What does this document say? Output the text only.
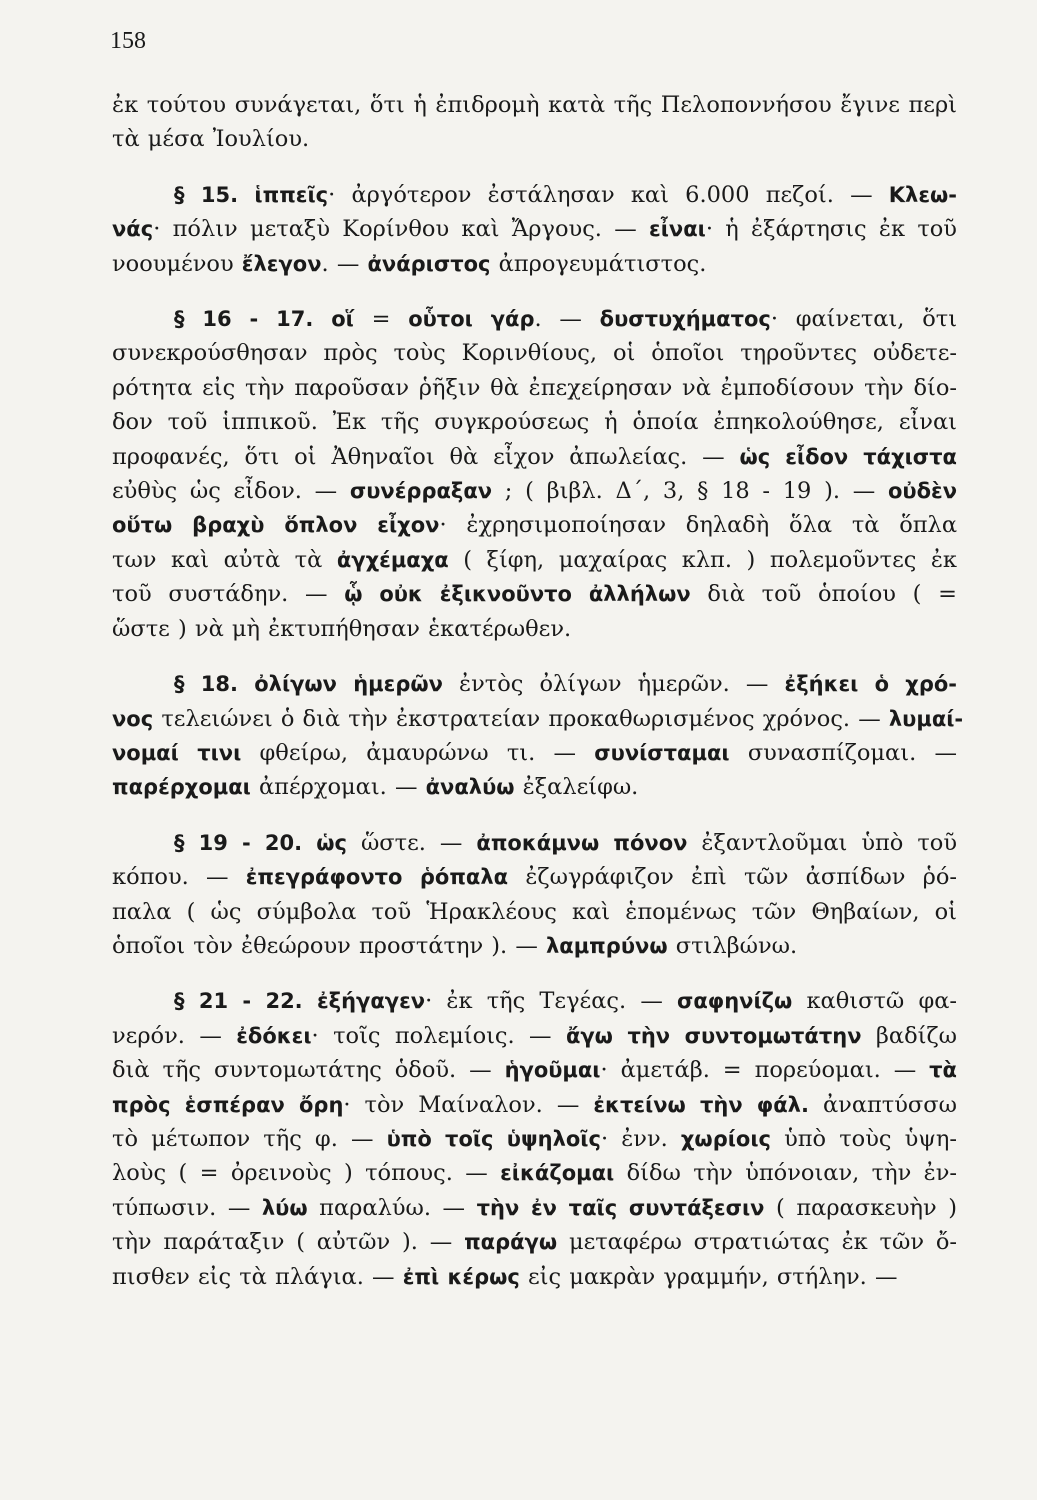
158
ἐκ τούτου συνάγεται, ὅτι ἡ ἐπιδρομὴ κατὰ τῆς Πελοποννήσου ἔγινε περὶ
τὰ μέσα Ἰουλίου.
§ 15. ἱππεῖς· ἀργότερον ἐστάλησαν καὶ 6.000 πεζοί. — Κλεω-
νάς· πόλιν μεταξὺ Κορίνθου καὶ Ἄργους. — εἶναι· ἡ ἐξάρτησις ἐκ τοῦ
νοουμένου ἔλεγον. — ἀνάριστος ἀπρογευμάτιστος.
§ 16 - 17. οἵ = οὗτοι γάρ. — δυστυχήματος· φαίνεται, ὅτι
συνεκρούσθησαν πρὸς τοὺς Κορινθίους, οἱ ὁποῖοι τηροῦντες οὐδετε-
ρότητα εἰς τὴν παροῦσαν ῥῆξιν θὰ ἐπεχείρησαν νὰ ἐμποδίσουν τὴν δίο-
δον τοῦ ἱππικοῦ. Ἐκ τῆς συγκρούσεως ἡ ὁποία ἐπηκολούθησε, εἶναι
προφανές, ὅτι οἱ Ἀθηναῖοι θὰ εἶχον ἀπωλείας. — ὡς εἶδον τάχιστα
εὐθὺς ὡς εἶδον. — συνέρραξαν ; ( βιβλ. Δ΄, 3, § 18 - 19 ). — οὐδὲν
οὕτω βραχὺ ὅπλον εἶχον· ἐχρησιμοποίησαν δηλαδὴ ὅλα τὰ ὅπλα
των καὶ αὐτὰ τὰ ἀγχέμαχα ( ξίφη, μαχαίρας κλπ. ) πολεμοῦντες ἐκ
τοῦ συστάδην. — ᾧ οὐκ ἐξικνοῦντο ἀλλήλων διὰ τοῦ ὁποίου ( =
ὥστε ) νὰ μὴ ἐκτυπήθησαν ἑκατέρωθεν.
§ 18. ὀλίγων ἡμερῶν ἐντὸς ὀλίγων ἡμερῶν. — ἐξήκει ὁ χρό-
νος τελειώνει ὁ διὰ τὴν ἐκστρατείαν προκαθωρισμένος χρόνος. — λυμαί-
νομαί τινι φθείρω, ἀμαυρώνω τι. — συνίσταμαι συνασπίζομαι. —
παρέρχομαι ἀπέρχομαι. — ἀναλύω ἐξαλείφω.
§ 19 - 20. ὡς ὥστε. — ἀποκάμνω πόνον ἐξαντλοῦμαι ὑπὸ τοῦ
κόπου. — ἐπεγράφοντο ῥόπαλα ἐζωγράφιζον ἐπὶ τῶν ἀσπίδων ῥό-
παλα ( ὡς σύμβολα τοῦ Ἡρακλέους καὶ ἑπομένως τῶν Θηβαίων, οἱ
ὁποῖοι τὸν ἐθεώρουν προστάτην ). — λαμπρύνω στιλβώνω.
§ 21 - 22. ἐξήγαγεν· ἐκ τῆς Τεγέας. — σαφηνίζω καθιστῶ φα-
νερόν. — ἐδόκει· τοῖς πολεμίοις. — ἄγω τὴν συντομωτάτην βαδίζω
διὰ τῆς συντομωτάτης ὁδοῦ. — ἡγοῦμαι· ἀμετάβ. = πορεύομαι. — τὰ
πρὸς ἑσπέραν ὄρη· τὸν Μαίναλον. — ἐκτείνω τὴν φάλ. ἀναπτύσσω
τὸ μέτωπον τῆς φ. — ὑπὸ τοῖς ὑψηλοῖς· ἐνν. χωρίοις ὑπὸ τοὺς ὑψη-
λοὺς ( = ὀρεινοὺς ) τόπους. — εἰκάζομαι δίδω τὴν ὑπόνοιαν, τὴν ἐν-
τύπωσιν. — λύω παραλύω. — τὴν ἐν ταῖς συντάξεσιν ( παρασκευὴν )
τὴν παράταξιν ( αὐτῶν ). — παράγω μεταφέρω στρατιώτας ἐκ τῶν ὄ-
πισθεν εἰς τὰ πλάγια. — ἐπὶ κέρως εἰς μακρὰν γραμμήν, στήλην. —
